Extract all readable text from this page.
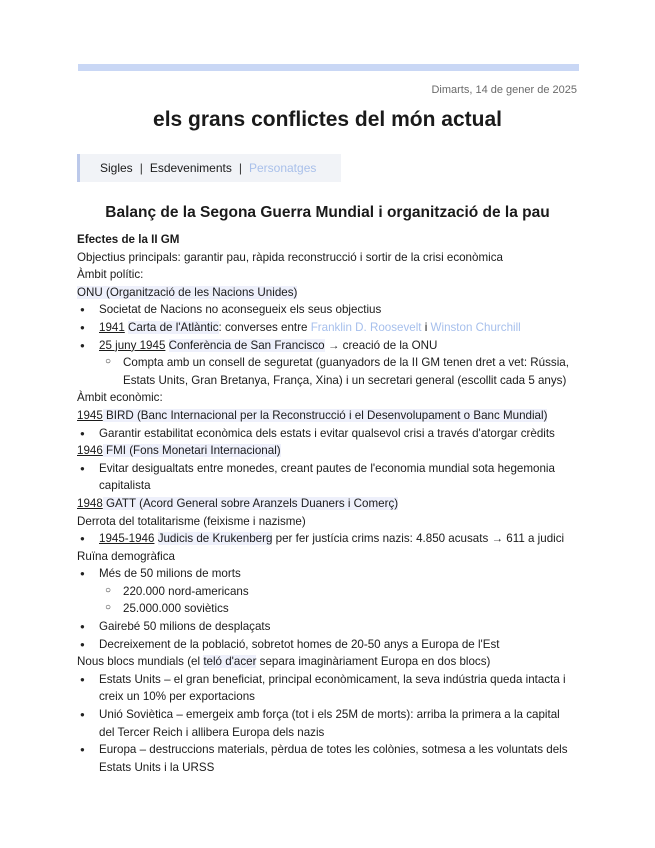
Dimarts, 14 de gener de 2025
els grans conflictes del món actual
Sigles | Esdeveniments | Personatges
Balanç de la Segona Guerra Mundial i organització de la pau
Efectes de la II GM
Objectius principals: garantir pau, ràpida reconstrucció i sortir de la crisi econòmica
Àmbit polític:
ONU (Organització de les Nacions Unides)
● Societat de Nacions no aconsegueix els seus objectius
● 1941 Carta de l'Atlàntic: converses entre Franklin D. Roosevelt i Winston Churchill
● 25 juny 1945 Conferència de San Francisco → creació de la ONU
○ Compta amb un consell de seguretat (guanyadors de la II GM tenen dret a vet: Rússia,
Estats Units, Gran Bretanya, França, Xina) i un secretari general (escollit cada 5 anys)
Àmbit econòmic:
1945 BIRD (Banc Internacional per la Reconstrucció i el Desenvolupament o Banc Mundial)
● Garantir estabilitat econòmica dels estats i evitar qualsevol crisi a través d'atorgar crèdits
1946 FMI (Fons Monetari Internacional)
● Evitar desigualtats entre monedes, creant pautes de l'economia mundial sota hegemonia
capitalista
1948 GATT (Acord General sobre Aranzels Duaners i Comerç)
Derrota del totalitarisme (feixisme i nazisme)
● 1945-1946 Judicis de Krukenberg per fer justícia crims nazis: 4.850 acusats → 611 a judici
Ruïna demogràfica
● Més de 50 milions de morts
○ 220.000 nord-americans
○ 25.000.000 soviètics
● Gairebé 50 milions de desplaçats
● Decreixement de la població, sobretot homes de 20-50 anys a Europa de l'Est
Nous blocs mundials (el teló d'acer separa imaginàriament Europa en dos blocs)
● Estats Units – el gran beneficiat, principal econòmicament, la seva indústria queda intacta i
creix un 10% per exportacions
● Unió Soviètica – emergeix amb força (tot i els 25M de morts): arriba la primera a la capital
del Tercer Reich i allibera Europa dels nazis
● Europa – destruccions materials, pèrdua de totes les colònies, sotmesa a les voluntats dels
Estats Units i la URSS
